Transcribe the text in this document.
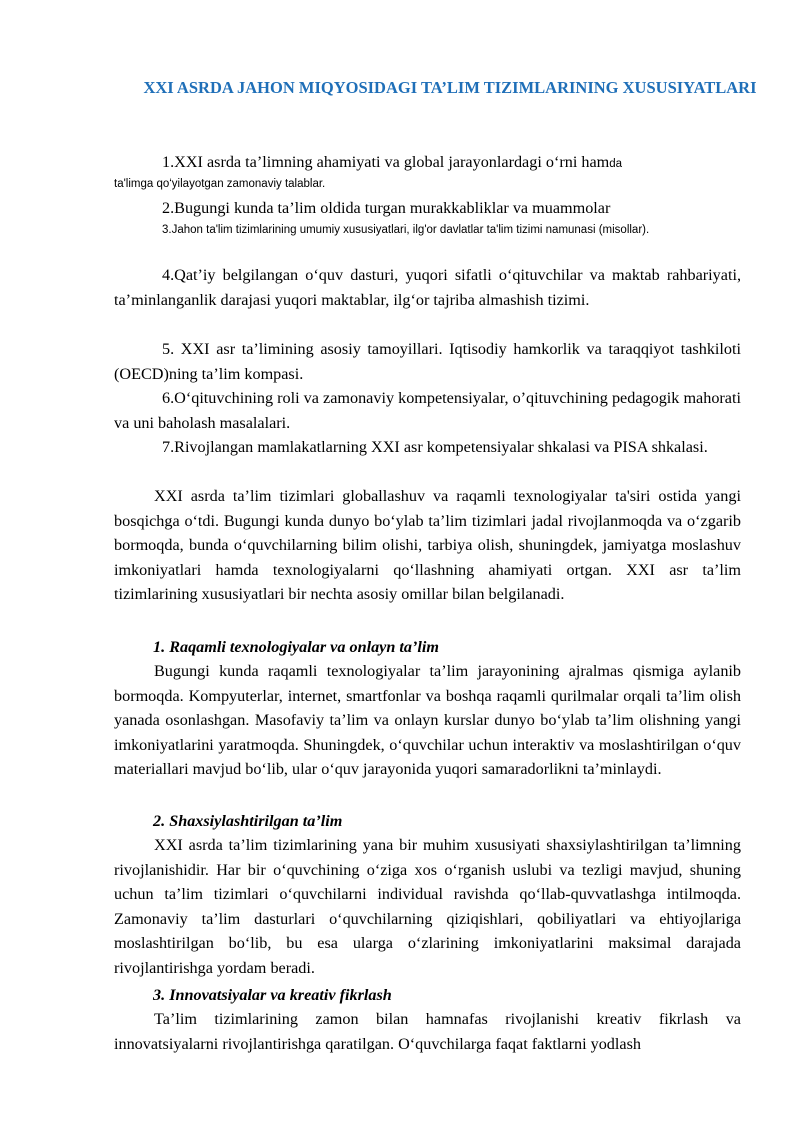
XXI ASRDA JAHON MIQYOSIDAGI TA’LIM TIZIMLARINING XUSUSIYATLARI
1.XXI asrda ta’limning ahamiyati va global jarayonlardagi o‘rni hamda
ta'limga qo‘yilayotgan zamonaviy talablar.
2.Bugungi kunda ta’lim oldida turgan murakkabliklar va muammolar
3.Jahon ta'lim tizimlarining umumiy xususiyatlari, ilg'or davlatlar ta'lim tizimi namunasi (misollar).
4.Qat’iy belgilangan o‘quv dasturi, yuqori sifatli o‘qituvchilar va maktab rahbariyati, ta’minlanganlik darajasi yuqori maktablar, ilg‘or tajriba almashish tizimi.
5. XXI asr ta’limining asosiy tamoyillari. Iqtisodiy hamkorlik va taraqqiyot tashkiloti (OECD)ning ta’lim kompasi.
6.O‘qituvchining roli va zamonaviy kompetensiyalar, o’qituvchining pedagogik mahorati va uni baholash masalalari.
7.Rivojlangan mamlakatlarning XXI asr kompetensiyalar shkalasi va PISA shkalasi.
XXI asrda ta’lim tizimlari globallashuv va raqamli texnologiyalar ta'siri ostida yangi bosqichga o‘tdi. Bugungi kunda dunyo bo‘ylab ta’lim tizimlari jadal rivojlanmoqda va o‘zgarib bormoqda, bunda o‘quvchilarning bilim olishi, tarbiya olish, shuningdek, jamiyatga moslashuv imkoniyatlari hamda texnologiyalarni qo‘llashning ahamiyati ortgan. XXI asr ta’lim tizimlarining xususiyatlari bir nechta asosiy omillar bilan belgilanadi.
1. Raqamli texnologiyalar va onlayn ta’lim
Bugungi kunda raqamli texnologiyalar ta’lim jarayonining ajralmas qismiga aylanib bormoqda. Kompyuterlar, internet, smartfonlar va boshqa raqamli qurilmalar orqali ta’lim olish yanada osonlashgan. Masofaviy ta’lim va onlayn kurslar dunyo bo‘ylab ta’lim olishning yangi imkoniyatlarini yaratmoqda. Shuningdek, o‘quvchilar uchun interaktiv va moslashtirilgan o‘quv materiallari mavjud bo‘lib, ular o‘quv jarayonida yuqori samaradorlikni ta’minlaydi.
2. Shaxsiylashtirilgan ta’lim
XXI asrda ta’lim tizimlarining yana bir muhim xususiyati shaxsiylashtirilgan ta’limning rivojlanishidir. Har bir o‘quvchining o‘ziga xos o‘rganish uslubi va tezligi mavjud, shuning uchun ta’lim tizimlari o‘quvchilarni individual ravishda qo‘llab-quvvatlashga intilmoqda. Zamonaviy ta’lim dasturlari o‘quvchilarning qiziqishlari, qobiliyatlari va ehtiyojlariga moslashtirilgan bo‘lib, bu esa ularga o‘zlarining imkoniyatlarini maksimal darajada rivojlantirishga yordam beradi.
3. Innovatsiyalar va kreativ fikrlash
Ta’lim tizimlarining zamon bilan hamnafas rivojlanishi kreativ fikrlash va innovatsiyalarni rivojlantirishga qaratilgan. O‘quvchilarga faqat faktlarni yodlash
